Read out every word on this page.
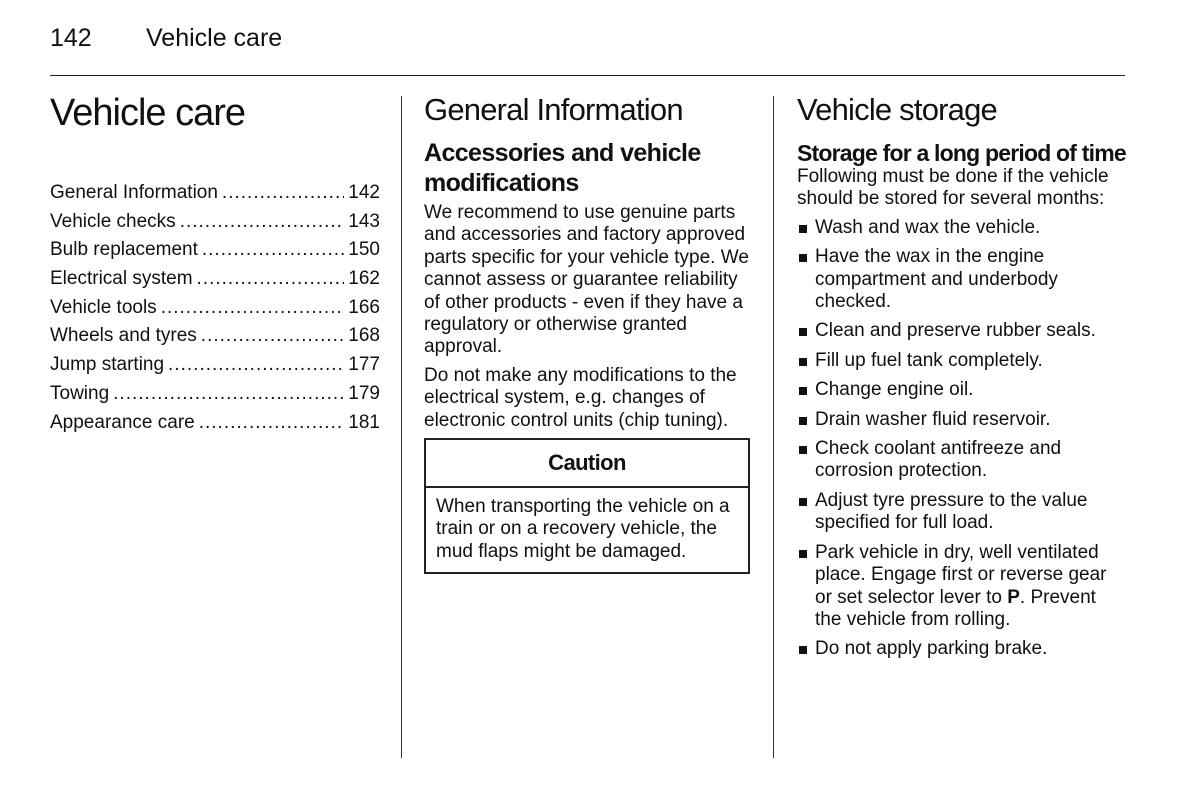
142 Vehicle care
Vehicle care
General Information .....	142
Vehicle checks .....	143
Bulb replacement .....	150
Electrical system .....	162
Vehicle tools .....	166
Wheels and tyres .....	168
Jump starting .....	177
Towing .....	179
Appearance care .....	181
General Information
Accessories and vehicle modifications

We recommend to use genuine parts and accessories and factory approved parts specific for your vehicle type. We cannot assess or guarantee reliability of other products - even if they have a regulatory or otherwise granted approval.

Do not make any modifications to the electrical system, e.g. changes of electronic control units (chip tuning).

Caution
When transporting the vehicle on a train or on a recovery vehicle, the mud flaps might be damaged.
Vehicle storage
Storage for a long period of time

Following must be done if the vehicle should be stored for several months:

Wash and wax the vehicle.
Have the wax in the engine compartment and underbody checked.
Clean and preserve rubber seals.
Fill up fuel tank completely.
Change engine oil.
Drain washer fluid reservoir.
Check coolant antifreeze and corrosion protection.
Adjust tyre pressure to the value specified for full load.
Park vehicle in dry, well ventilated place. Engage first or reverse gear or set selector lever to P. Prevent the vehicle from rolling.
Do not apply parking brake.
